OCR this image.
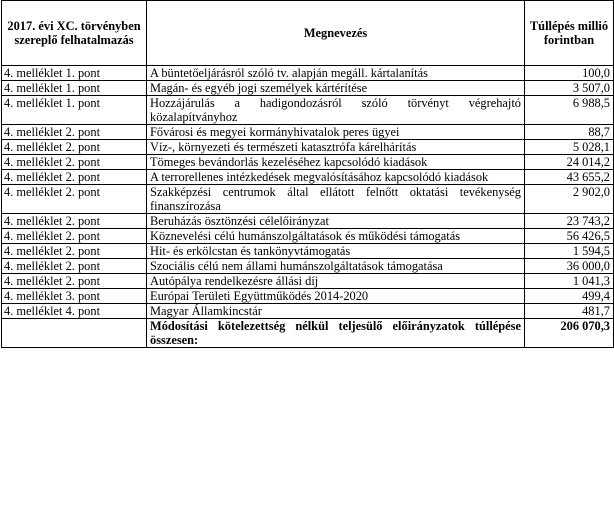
2017. évi XC. törvényben szereplő felhatalmazás	Megnevezés	Túllépés millió forintban
4. melléklet 1. pont	A büntetőeljárásról szóló tv. alapján megáll. kártalanítás	100,0
4. melléklet 1. pont	Magán- és egyéb jogi személyek kártérítése	3 507,0
4. melléklet 1. pont	Hozzájárulás a hadigondozásról szóló törvényt végrehajtó közalapítványhoz	6 988,5
4. melléklet 2. pont	Fővárosi és megyei kormányhivatalok peres ügyei	88,7
4. melléklet 2. pont	Víz-, környezeti és természeti katasztrófa kárelhárítás	5 028,1
4. melléklet 2. pont	Tömeges bevándorlás kezeléséhez kapcsolódó kiadások	24 014,2
4. melléklet 2. pont	A terrorellenes intézkedések megvalósításához kapcsolódó kiadások	43 655,2
4. melléklet 2. pont	Szakképzési centrumok által ellátott felnőtt oktatási tevékenység finanszírozása	2 902,0
4. melléklet 2. pont	Beruházás ösztönzési célelőirányzat	23 743,2
4. melléklet 2. pont	Köznevelési célú humánszolgáltatások és működési támogatás	56 426,5
4. melléklet 2. pont	Hit- és erkölcstan és tankönyvtámogatás	1 594,5
4. melléklet 2. pont	Szociális célú nem állami humánszolgáltatások támogatása	36 000,0
4. melléklet 2. pont	Autópálya rendelkezésre állási díj	1 041,3
4. melléklet 3. pont	Európai Területi Együttműködés 2014-2020	499,4
4. melléklet 4. pont	Magyar Államkincstár	481,7
	Módosítási kötelezettség nélkül teljesülő előirányzatok túllépése összesen:	206 070,3
